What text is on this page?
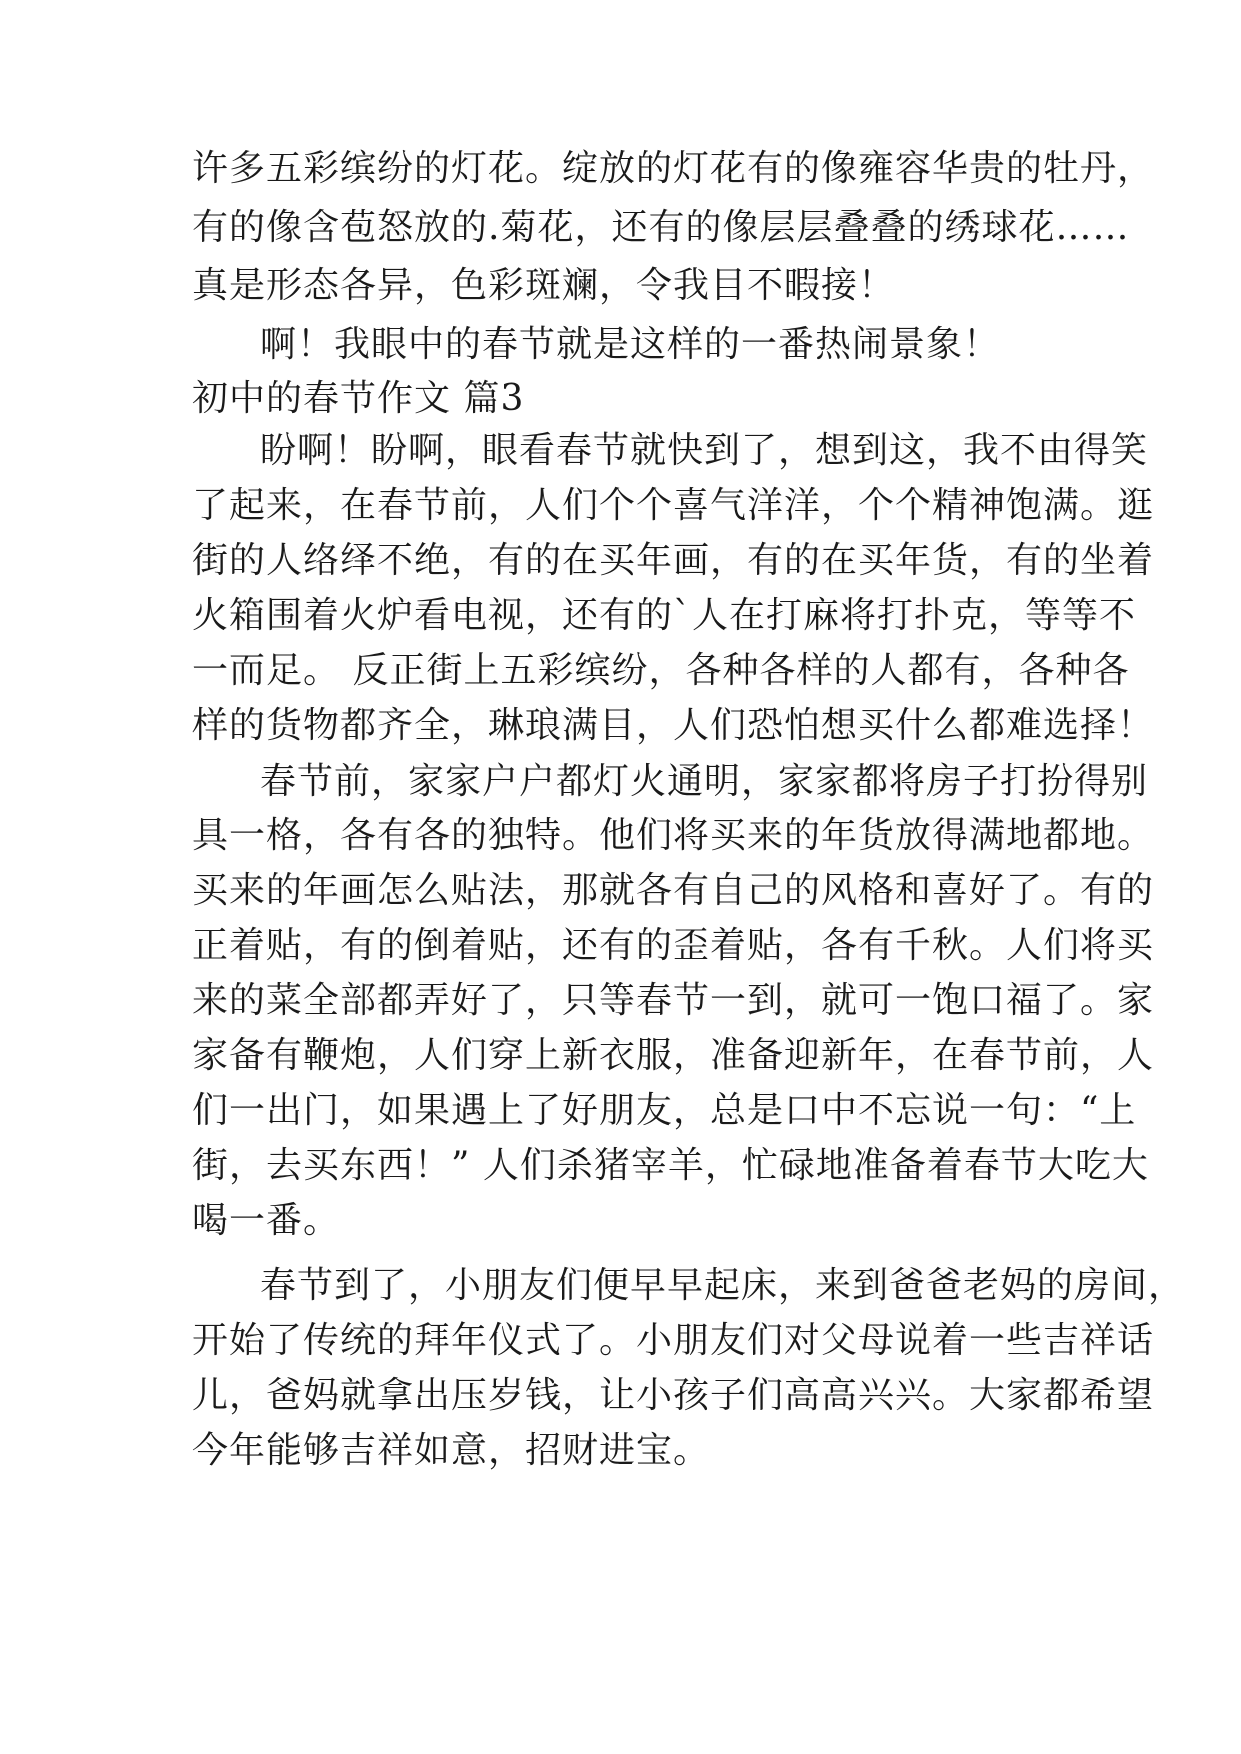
许多五彩缤纷的灯花。绽放的灯花有的像雍容华贵的牡丹，
有的像含苞怒放的.菊花，还有的像层层叠叠的绣球花……
真是形态各异，色彩斑斓，令我目不暇接！
啊！我眼中的春节就是这样的一番热闹景象！
初中的春节作文 篇3
盼啊！盼啊，眼看春节就快到了，想到这，我不由得笑
了起来，在春节前，人们个个喜气洋洋，个个精神饱满。逛
街的人络绎不绝，有的在买年画，有的在买年货，有的坐着
火箱围着火炉看电视，还有的`人在打麻将打扑克，等等不
一而足。 反正街上五彩缤纷，各种各样的人都有，各种各
样的货物都齐全，琳琅满目，人们恐怕想买什么都难选择！
春节前，家家户户都灯火通明，家家都将房子打扮得别
具一格，各有各的独特。他们将买来的年货放得满地都地。
买来的年画怎么贴法，那就各有自己的风格和喜好了。有的
正着贴，有的倒着贴，还有的歪着贴，各有千秋。人们将买
来的菜全部都弄好了，只等春节一到，就可一饱口福了。家
家备有鞭炮，人们穿上新衣服，准备迎新年，在春节前，人
们一出门，如果遇上了好朋友，总是口中不忘说一句：“上
街，去买东西！” 人们杀猪宰羊，忙碌地准备着春节大吃大
喝一番。
春节到了，小朋友们便早早起床，来到爸爸老妈的房间，
开始了传统的拜年仪式了。小朋友们对父母说着一些吉祥话
儿，爸妈就拿出压岁钱，让小孩子们高高兴兴。大家都希望
今年能够吉祥如意，招财进宝。
